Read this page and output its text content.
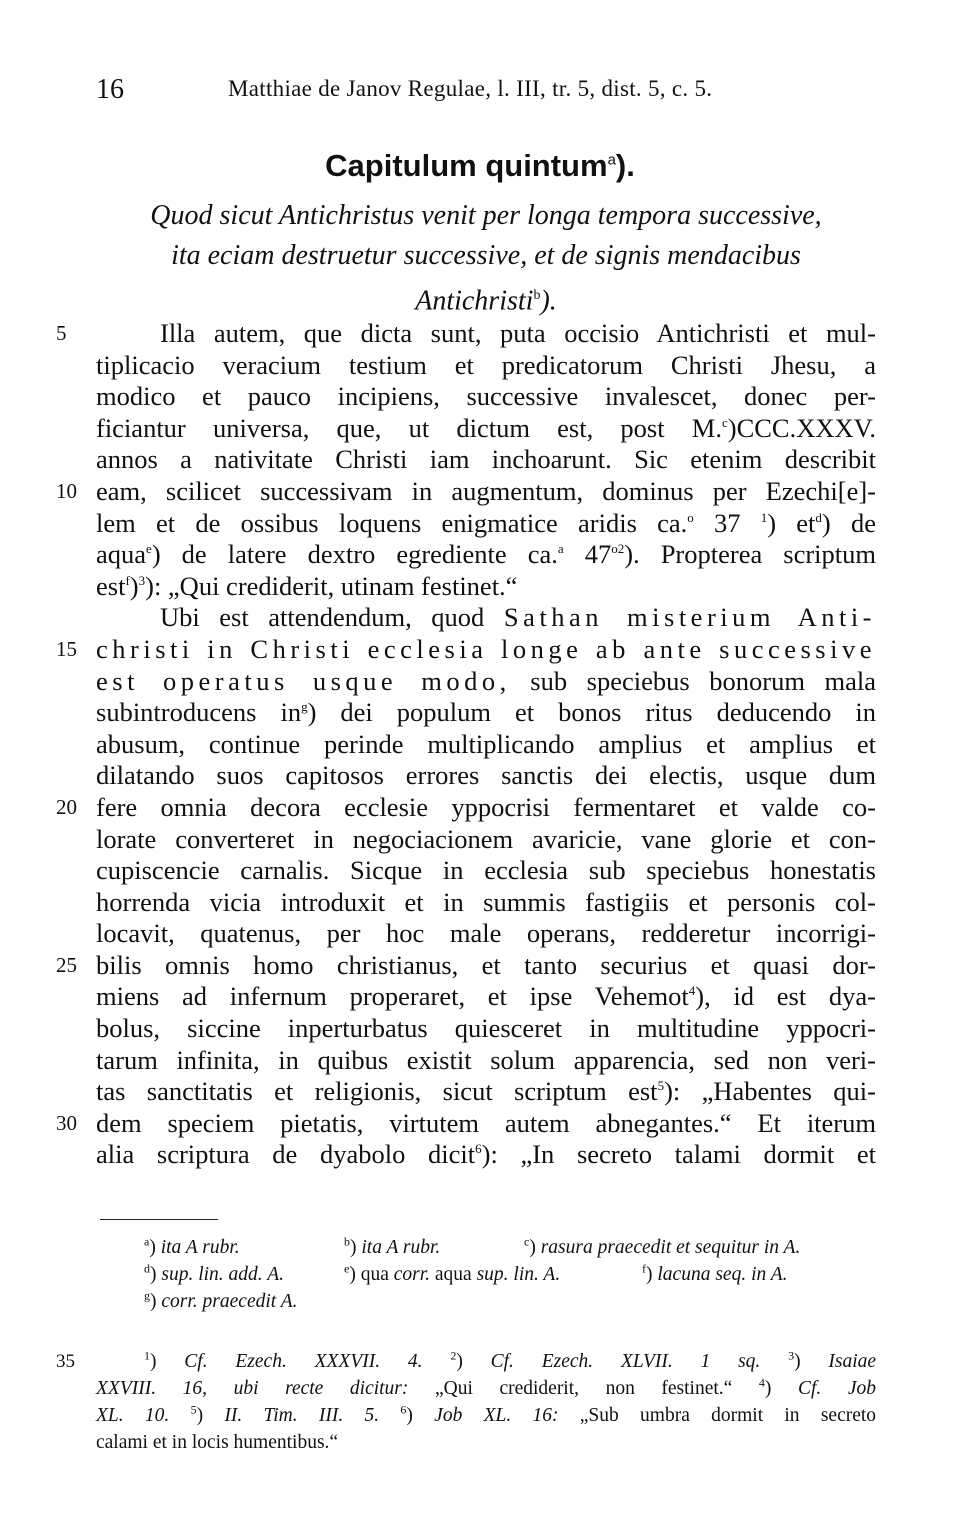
16	Matthiae de Janov Regulae, l. III, tr. 5, dist. 5, c. 5.
Capitulum quintum$^a$).
Quod sicut Antichristus venit per longa tempora successive,
ita eciam destruetur successive, et de signis mendacibus
Antichristi$^b$).
5	Illa autem, que dicta sunt, puta occisio Antichristi et mul-
tiplicacio veracium testium et predicatorum Christi Jhesu, a
modico et pauco incipiens, successive invalescet, donec per-
ficiantur universa, que, ut dictum est, post M.$^c$)CCC.XXXV.
annos a nativitate Christi iam inchoarunt. Sic etenim describit
10 eam, scilicet successivam in augmentum, dominus per Ezechi[e]-
lem et de ossibus loquens enigmatice aridis ca.$^o$ 37 $^1$) $et^d$) de
aqua$^e$) de latere dextro egrediente ca.$^a$ $47^{o2}$). Propterea scriptum
est$^f$)$^3$): „Qui crediderit, utinam festinet.“
Ubi est attendendum, quod Sathan misterium Anti-
15 christi in Christi ecclesia longe ab ante successive
est operatus usque modo, sub speciebus bonorum mala
subintroducens $in^g$) dei populum et bonos ritus deducendo in
abusum, continue perinde multiplicando amplius et amplius et
dilatando suos capitosos errores sanctis dei electis, usque dum
20 fere omnia decora ecclesie yppocrisi fermentaret et valde co-
lorate converteret in negociacionem avaricie, vane glorie et con-
cupiscencie carnalis. Sicque in ecclesia sub speciebus honestatis
horrenda vicia introduxit et in summis fastigiis et personis col-
locavit, quatenus, per hoc male operans, redderetur incorrigi-
25 bilis omnis homo christianus, et tanto securius et quasi dor-
miens ad infernum properaret, et ipse Vehemot$^4$), id est dya-
bolus, siccine inperturbatus quiesceret in multitudine yppocri-
tarum infinita, in quibus existit solum apparencia, sed non veri-
tas sanctitatis et religionis, sicut scriptum est$^5$): „Habentes qui-
30 dem speciem pietatis, virtutem autem abnegantes.“ Et iterum
alia scriptura de dyabolo dicit$^6$): „In secreto talami dormit et
$^a$) ita A rubr.	$^b$) ita A rubr.	$^c$) rasura praecedit et sequitur in A.
$^d$) sup. lin. add. A.	$^e$) qua corr. aqua sup. lin. A.	$^f$) lacuna seq. in A.
$^g$) corr. praecedit A.
35	$^1$) Cf. Ezech. XXXVII. 4. $^2$) Cf. Ezech. XLVII. 1 sq. $^3$) Isaiae
XXVIII. 16, ubi recte dicitur: „Qui crediderit, non festinet.“ $^4$) Cf. Job
XL. 10. $^5$) II. Tim. III. 5. $^6$) Job XL. 16: „Sub umbra dormit in secreto
calami et in locis humentibus.“
